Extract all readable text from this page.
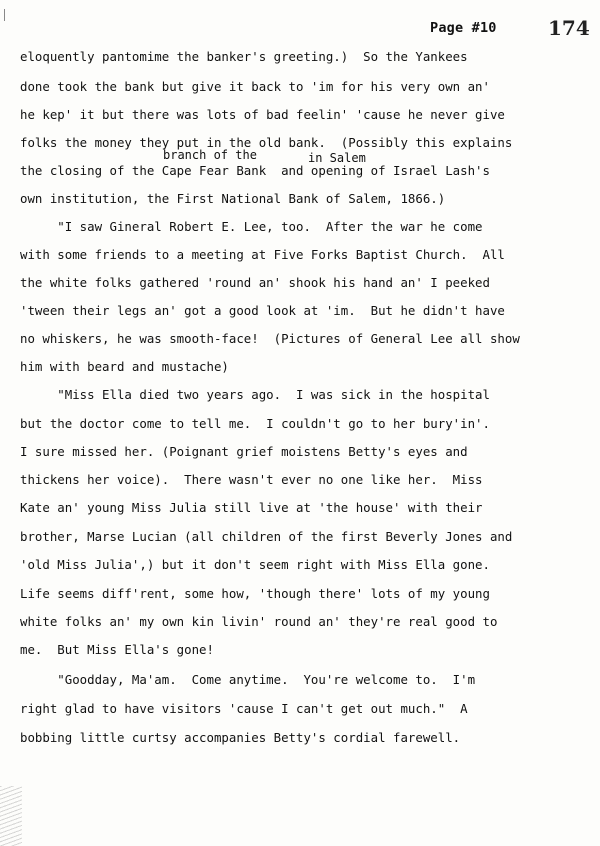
Page #10	174
branch of the	in Salem
eloquently pantomime the banker's greeting.)  So the Yankees
done took the bank but give it back to 'im for his very own an'
he kep' it but there was lots of bad feelin' 'cause he never give
folks the money they put in the old bank.  (Possibly this explains
the closing of the Cape Fear Bank  and opening of Israel Lash's
own institution, the First National Bank of Salem, 1866.)
"I saw Gineral Robert E. Lee, too.  After the war he come
with some friends to a meeting at Five Forks Baptist Church.  All
the white folks gathered 'round an' shook his hand an' I peeked
'tween their legs an' got a good look at 'im.  But he didn't have
no whiskers, he was smooth-face!  (Pictures of General Lee all show
him with beard and mustache)
"Miss Ella died two years ago.  I was sick in the hospital
but the doctor come to tell me.  I couldn't go to her bury'in'.
I sure missed her. (Poignant grief moistens Betty's eyes and
thickens her voice).  There wasn't ever no one like her.  Miss
Kate an' young Miss Julia still live at 'the house' with their
brother, Marse Lucian (all children of the first Beverly Jones and
'old Miss Julia',) but it don't seem right with Miss Ella gone.
Life seems diff'rent, some how, 'though there' lots of my young
white folks an' my own kin livin' round an' they're real good to
me.  But Miss Ella's gone!
"Goodday, Ma'am.  Come anytime.  You're welcome to.  I'm
right glad to have visitors 'cause I can't get out much."  A
bobbing little curtsy accompanies Betty's cordial farewell.
